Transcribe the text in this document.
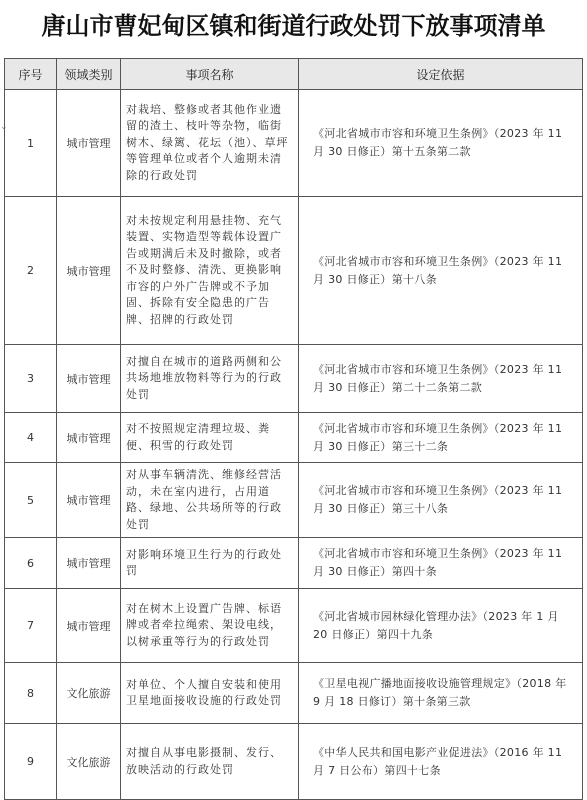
唐山市曹妃甸区镇和街道行政处罚下放事项清单
⌄
序号	领域类别	事项名称	设定依据
1	城市管理	对栽培、整修或者其他作业遗留的渣土、枝叶等杂物，临街树木、绿篱、花坛（池）、草坪等管理单位或者个人逾期未清除的行政处罚	《河北省城市市容和环境卫生条例》（2023 年 11 月 30 日修正）第十五条第二款
2	城市管理	对未按规定利用悬挂物、充气装置、实物造型等载体设置广告或期满后未及时撤除，或者不及时整修、清洗、更换影响市容的户外广告牌或不予加固、拆除有安全隐患的广告牌、招牌的行政处罚	《河北省城市市容和环境卫生条例》（2023 年 11 月 30 日修正）第十八条
3	城市管理	对擅自在城市的道路两侧和公共场地堆放物料等行为的行政处罚	《河北省城市市容和环境卫生条例》（2023 年 11 月 30 日修正）第二十二条第二款
4	城市管理	对不按照规定清理垃圾、粪便、积雪的行政处罚	《河北省城市市容和环境卫生条例》（2023 年 11 月 30 日修正）第三十二条
5	城市管理	对从事车辆清洗、维修经营活动，未在室内进行，占用道路、绿地、公共场所等的行政处罚	《河北省城市市容和环境卫生条例》（2023 年 11 月 30 日修正）第三十八条
6	城市管理	对影响环境卫生行为的行政处罚	《河北省城市市容和环境卫生条例》（2023 年 11 月 30 日修正）第四十条
7	城市管理	对在树木上设置广告牌、标语牌或者牵拉绳索、架设电线，以树承重等行为的行政处罚	《河北省城市园林绿化管理办法》（2023 年 1 月 20 日修正）第四十九条
8	文化旅游	对单位、个人擅自安装和使用卫星地面接收设施的行政处罚	《卫星电视广播地面接收设施管理规定》（2018 年 9 月 18 日修订）第十条第三款
9	文化旅游	对擅自从事电影摄制、发行、放映活动的行政处罚	《中华人民共和国电影产业促进法》（2016 年 11 月 7 日公布）第四十七条
